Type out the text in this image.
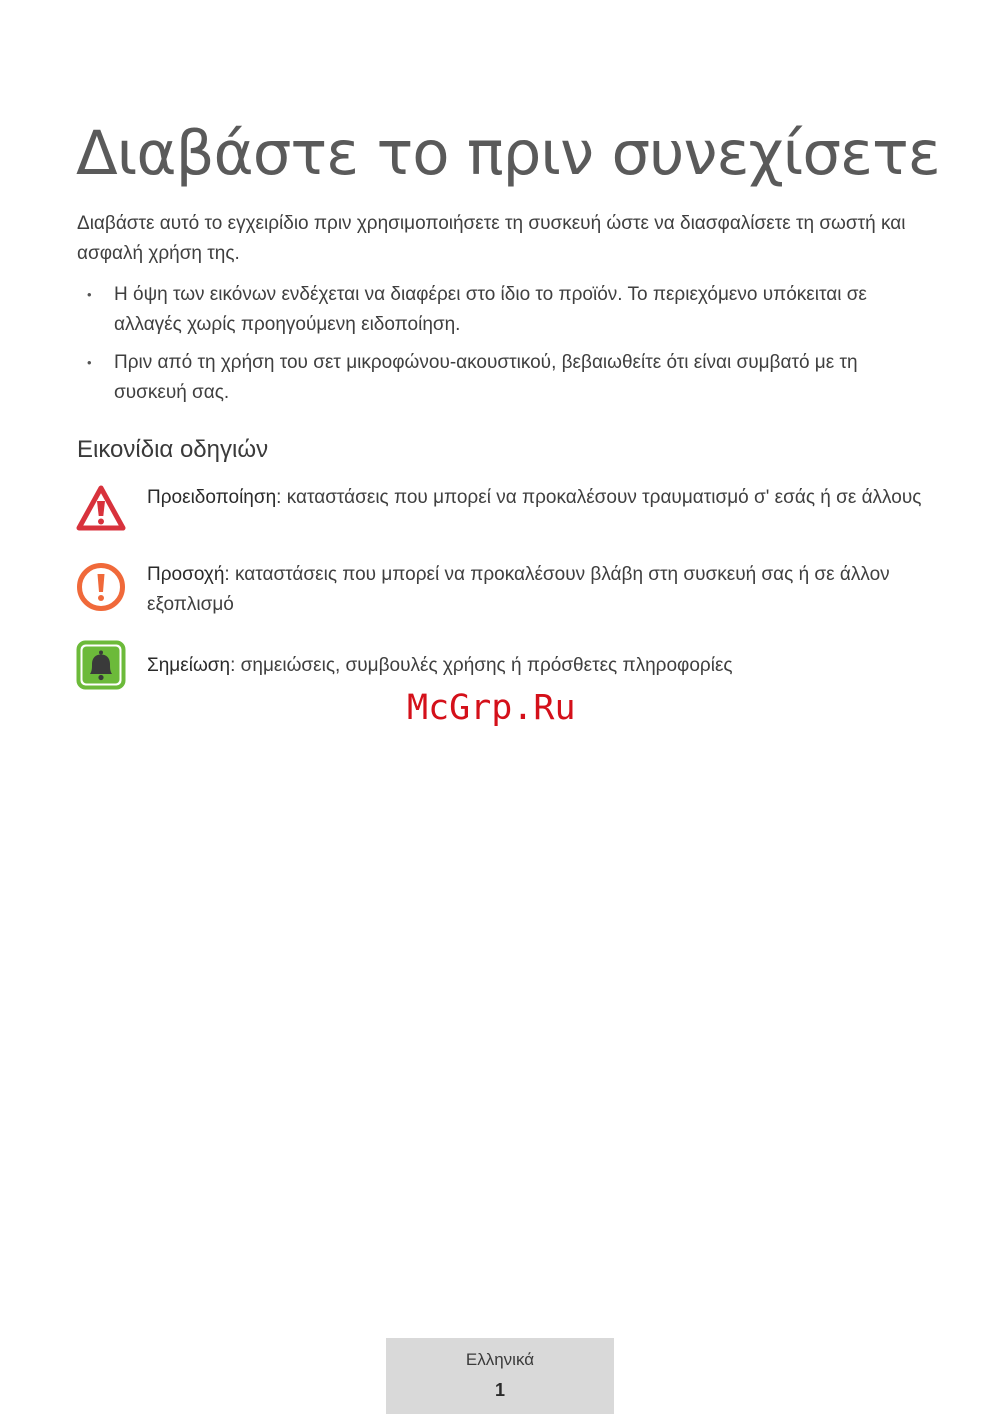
Διαβάστε το πριν συνεχίσετε

Διαβάστε αυτό το εγχειρίδιο πριν χρησιμοποιήσετε τη συσκευή ώστε να διασφαλίσετε τη σωστή και ασφαλή χρήση της.

• Η όψη των εικόνων ενδέχεται να διαφέρει στο ίδιο το προϊόν. Το περιεχόμενο υπόκειται σε αλλαγές χωρίς προηγούμενη ειδοποίηση.
• Πριν από τη χρήση του σετ μικροφώνου-ακουστικού, βεβαιωθείτε ότι είναι συμβατό με τη συσκευή σας.
Εικονίδια οδηγιών
Προειδοποίηση: καταστάσεις που μπορεί να προκαλέσουν τραυματισμό σ' εσάς ή σε άλλους
Προσοχή: καταστάσεις που μπορεί να προκαλέσουν βλάβη στη συσκευή σας ή σε άλλον εξοπλισμό
Σημείωση: σημειώσεις, συμβουλές χρήσης ή πρόσθετες πληροφορίες
McGrp.Ru
Ελληνικά
1
